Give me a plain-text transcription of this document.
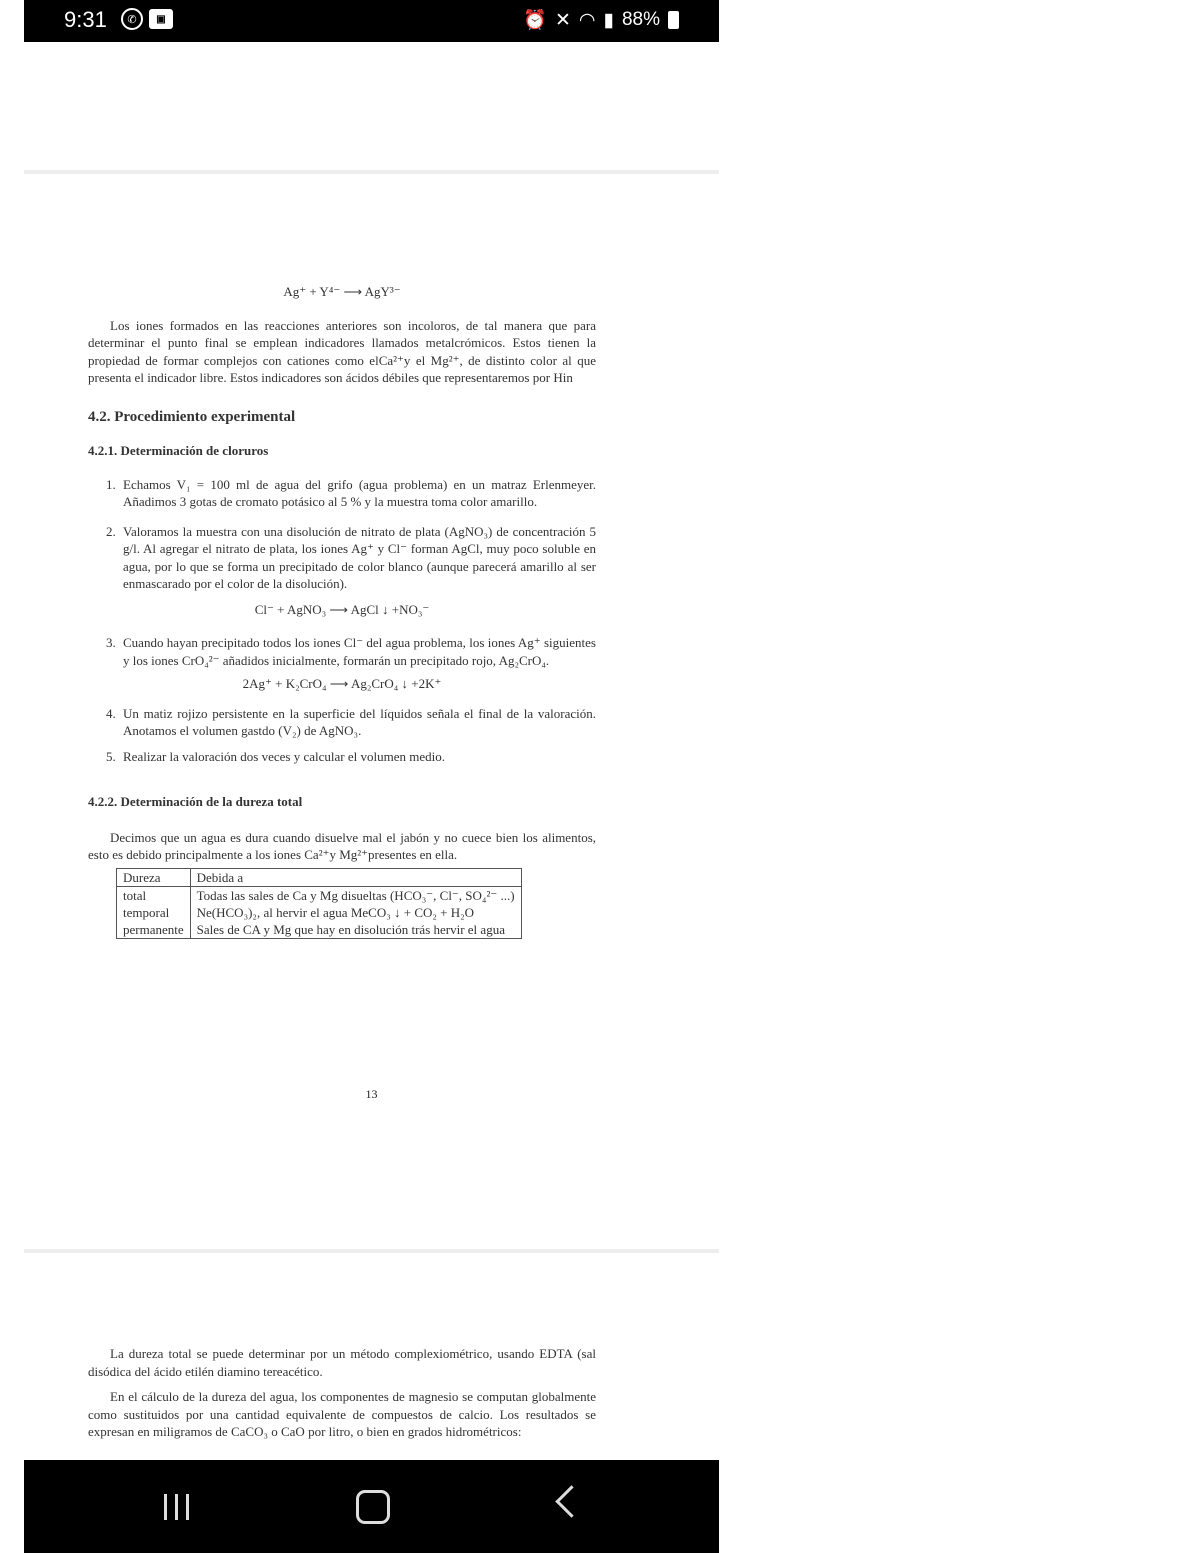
9:31	✆	▣	⏰ ✕ ◠ ▮ 88%
Ag⁺ + Y⁴⁻ ⟶ AgY³⁻

Los iones formados en las reacciones anteriores son incoloros, de tal manera que para determinar el punto final se emplean indicadores llamados metalcrómicos. Estos tienen la propiedad de formar complejos con cationes como elCa²⁺y el Mg²⁺, de distinto color al que presenta el indicador libre. Estos indicadores son ácidos débiles que representaremos por Hin

4.2. Procedimiento experimental

4.2.1. Determinación de cloruros

1. Echamos V₁ = 100 ml de agua del grifo (agua problema) en un matraz Erlenmeyer. Añadimos 3 gotas de cromato potásico al 5 % y la muestra toma color amarillo.
2. Valoramos la muestra con una disolución de nitrato de plata (AgNO₃) de concentración 5 g/l. Al agregar el nitrato de plata, los iones Ag⁺ y Cl⁻ forman AgCl, muy poco soluble en agua, por lo que se forma un precipitado de color blanco (aunque parecerá amarillo al ser enmascarado por el color de la disolución).
Cl⁻ + AgNO₃ ⟶ AgCl ↓ +NO₃⁻
3. Cuando hayan precipitado todos los iones Cl⁻ del agua problema, los iones Ag⁺ siguientes y los iones CrO₄²⁻ añadidos inicialmente, formarán un precipitado rojo, Ag₂CrO₄.
2Ag⁺ + K₂CrO₄ ⟶ Ag₂CrO₄ ↓ +2K⁺
4. Un matiz rojizo persistente en la superficie del líquidos señala el final de la valoración. Anotamos el volumen gastdo (V₂) de AgNO₃.
5. Realizar la valoración dos veces y calcular el volumen medio.

4.2.2. Determinación de la dureza total

Decimos que un agua es dura cuando disuelve mal el jabón y no cuece bien los alimentos, esto es debido principalmente a los iones Ca²⁺y Mg²⁺presentes en ella.

Dureza	Debida a
total	Todas las sales de Ca y Mg disueltas (HCO₃⁻, Cl⁻, SO₄²⁻ ...)
temporal	Ne(HCO₃)₂, al hervir el agua MeCO₃ ↓ + CO₂ + H₂O
permanente	Sales de CA y Mg que hay en disolución trás hervir el agua
13

La dureza total se puede determinar por un método complexiométrico, usando EDTA (sal disódica del ácido etilén diamino tereacético.

En el cálculo de la dureza del agua, los componentes de magnesio se computan globalmente como sustituidos por una cantidad equivalente de compuestos de calcio. Los resultados se expresan en miligramos de CaCO₃ o CaO por litro, o bien en grados hidrométricos:
